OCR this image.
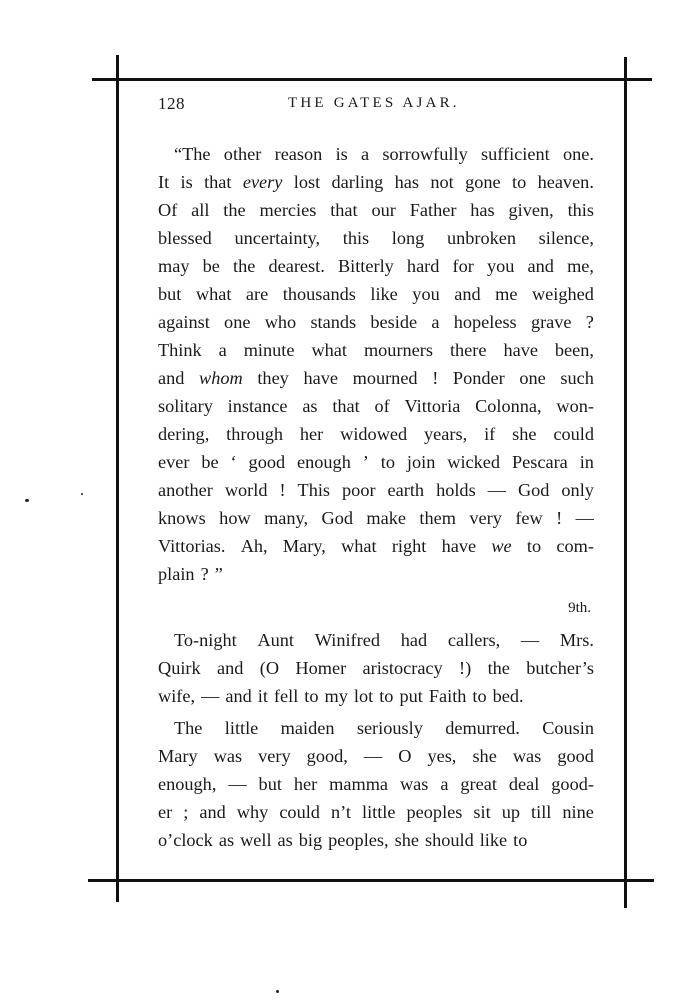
128	THE GATES AJAR.
“The other reason is a sorrowfully sufficient one.
It is that every lost darling has not gone to heaven.
Of all the mercies that our Father has given, this
blessed uncertainty, this long unbroken silence,
may be the dearest. Bitterly hard for you and me,
but what are thousands like you and me weighed
against one who stands beside a hopeless grave ?
Think a minute what mourners there have been,
and whom they have mourned ! Ponder one such
solitary instance as that of Vittoria Colonna, won-
dering, through her widowed years, if she could
ever be ‘ good enough ’ to join wicked Pescara in
another world ! This poor earth holds — God only
knows how many, God make them very few ! —
Vittorias. Ah, Mary, what right have we to com-
plain ? ”
9th.
To-night Aunt Winifred had callers, — Mrs.
Quirk and (O Homer aristocracy !) the butcher’s
wife, — and it fell to my lot to put Faith to bed.
The little maiden seriously demurred. Cousin
Mary was very good, — O yes, she was good
enough, — but her mamma was a great deal good-
er ; and why could n’t little peoples sit up till nine
o’clock as well as big peoples, she should like to
